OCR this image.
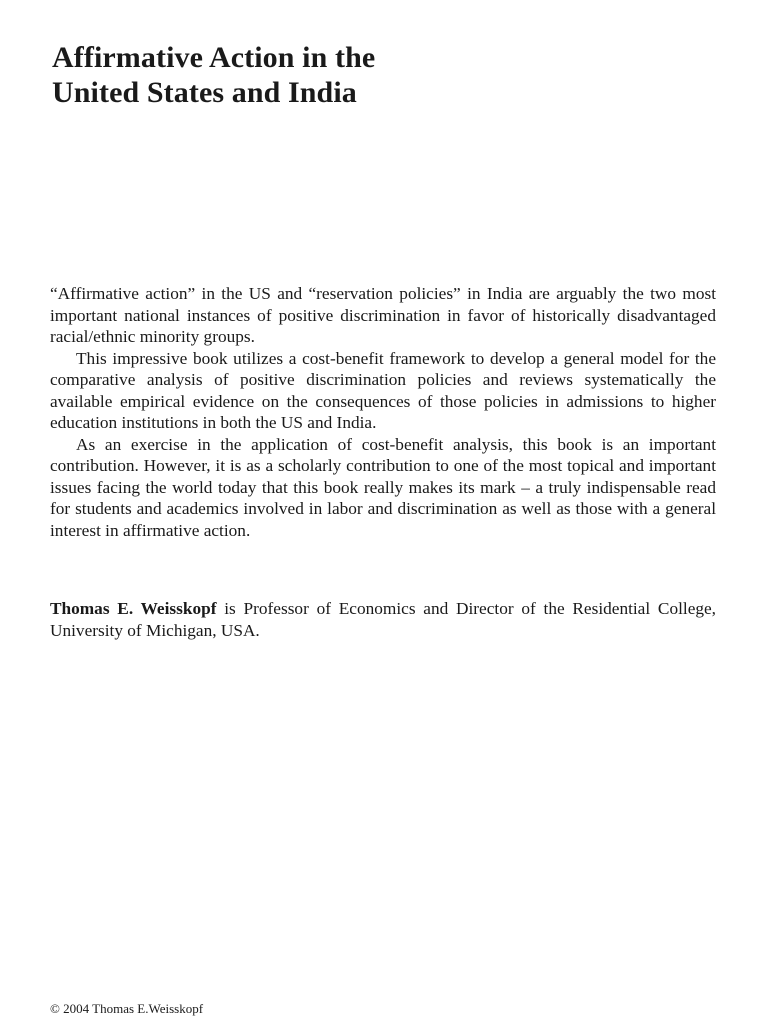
Affirmative Action in the
United States and India

“Affirmative action” in the US and “reservation policies” in India are arguably the two most important national instances of positive discrimination in favor of historically disadvantaged racial/ethnic minority groups.

This impressive book utilizes a cost-benefit framework to develop a general model for the comparative analysis of positive discrimination policies and reviews systematically the available empirical evidence on the consequences of those policies in admissions to higher education institutions in both the US and India.

As an exercise in the application of cost-benefit analysis, this book is an important contribution. However, it is as a scholarly contribution to one of the most topical and important issues facing the world today that this book really makes its mark – a truly indispensable read for students and academics involved in labor and discrimination as well as those with a general interest in affirmative action.

Thomas E. Weisskopf is Professor of Economics and Director of the Residential College, University of Michigan, USA.

© 2004 Thomas E.Weisskopf
